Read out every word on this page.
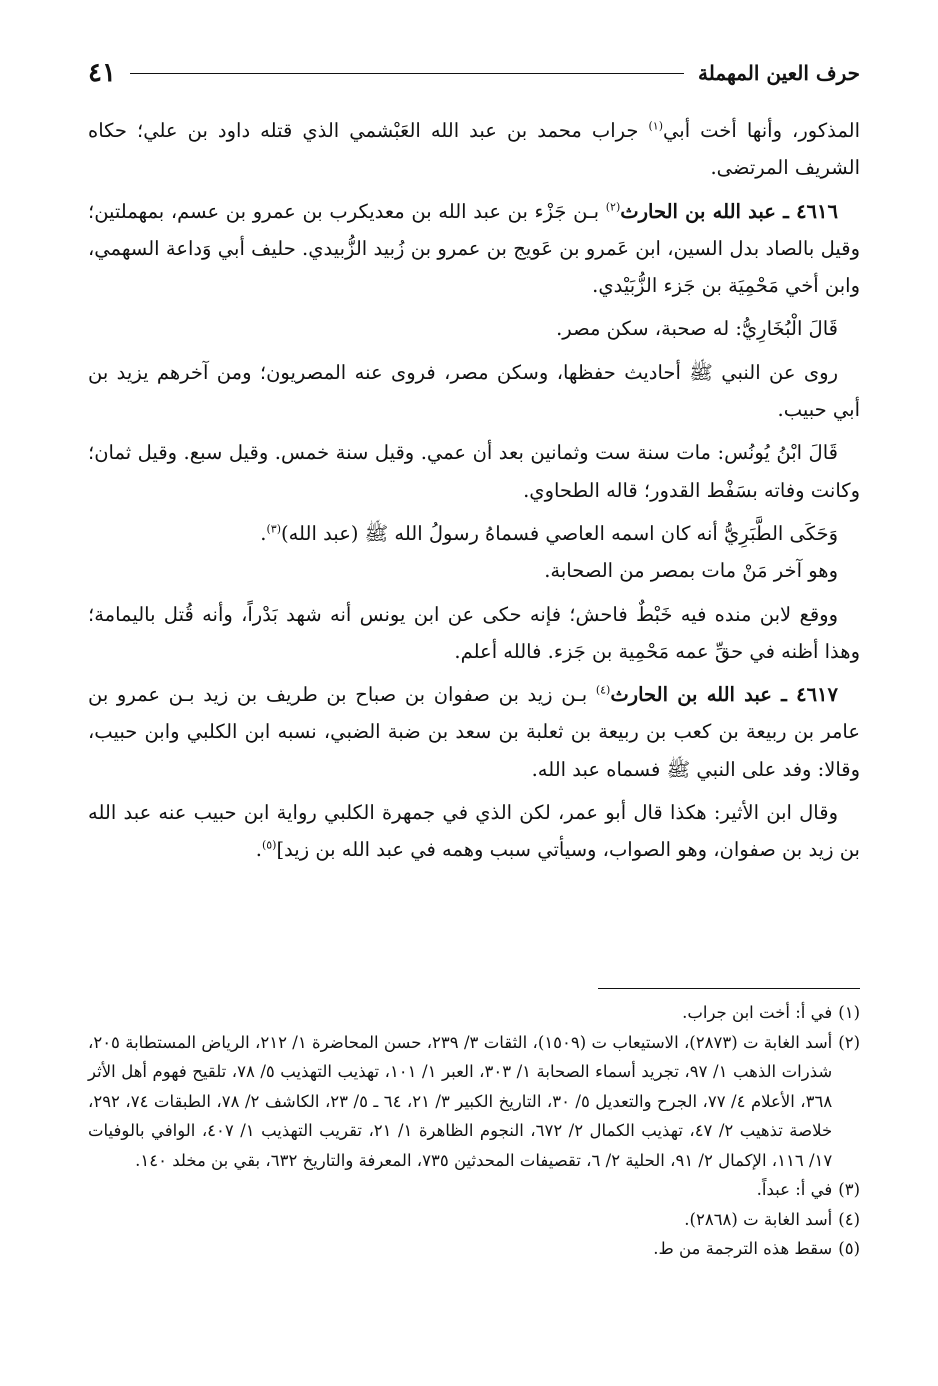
حرف العين المهملة
٤١

المذكور، وأنها أخت أبي$^{(١)}$ جراب محمد بن عبد الله العَبْشمي الذي قتله داود بن علي؛ حكاه الشريف المرتضى.

٤٦١٦ ـ عبد الله بن الحارث$^{(٢)}$ بـن جَزْء بن عبد الله بن معديكرب بن عمرو بن عسم، بمهملتين؛ وقيل بالصاد بدل السين، ابن عَمرو بن عَويج بن عمرو بن زُبيد الزُّبيدي. حليف أبي وَداعة السهمي، وابن أخي مَحْمِيَة بن جَزء الزُّبَيْدي.

قَالَ الْبُخَارِيُّ: له صحبة، سكن مصر.

روى عن النبي ﷺ أحاديث حفظها، وسكن مصر، فروى عنه المصريون؛ ومن آخرهم يزيد بن أبي حبيب.

قَالَ ابْنُ يُونُس: مات سنة ست وثمانين بعد أن عمي. وقيل سنة خمس. وقيل سبع. وقيل ثمان؛ وكانت وفاته بسَفْط القدور؛ قاله الطحاوي.

وَحَكَى الطَّبَرِيُّ أنه كان اسمه العاصي فسماهُ رسولُ الله ﷺ (عبد الله)$^{(٣)}$.

وهو آخر مَنْ مات بمصر من الصحابة.

ووقع لابن منده فيه خَبْطٌ فاحش؛ فإنه حكى عن ابن يونس أنه شهد بَدْراً، وأنه قُتل باليمامة؛ وهذا أظنه في حقِّ عمه مَحْمِية بن جَزء. فالله أعلم.

٤٦١٧ ـ عبد الله بن الحارث$^{(٤)}$ بـن زيد بن صفوان بن صباح بن طريف بن زيد بـن عمرو بن عامر بن ربيعة بن كعب بن ربيعة بن ثعلبة بن سعد بن ضبة الضبي، نسبه ابن الكلبي وابن حبيب، وقالا: وفد على النبي ﷺ فسماه عبد الله.

وقال ابن الأثير: هكذا قال أبو عمر، لكن الذي في جمهرة الكلبي رواية ابن حبيب عنه عبد الله بن زيد بن صفوان، وهو الصواب، وسيأتي سبب وهمه في عبد الله بن زيد]$^{(٥)}$.

(١)
في أ: أخت ابن جراب.
(٢)
أسد الغابة ت (٢٨٧٣)، الاستيعاب ت (١٥٠٩)، الثقات ٣/ ٢٣٩، حسن المحاضرة ١/ ٢١٢، الرياض المستطابة ٢٠٥، شذرات الذهب ١/ ٩٧، تجريد أسماء الصحابة ١/ ٣٠٣، العبر ١/ ١٠١، تهذيب التهذيب ٥/ ٧٨، تلقيح فهوم أهل الأثر ٣٦٨، الأعلام ٤/ ٧٧، الجرح والتعديل ٥/ ٣٠، التاريخ الكبير ٣/ ٢١، ٦٤ ـ ٥/ ٢٣، الكاشف ٢/ ٧٨، الطبقات ٧٤، ٢٩٢، خلاصة تذهيب ٢/ ٤٧، تهذيب الكمال ٢/ ٦٧٢، النجوم الظاهرة ١/ ٢١، تقريب التهذيب ١/ ٤٠٧، الوافي بالوفيات ١٧/ ١١٦، الإكمال ٢/ ٩١، الحلية ٢/ ٦، تقصيفات المحدثين ٧٣٥، المعرفة والتاريخ ٦٣٢، بقي بن مخلد ١٤٠.
(٣)
في أ: عبداً.
(٤)
أسد الغابة ت (٢٨٦٨).
(٥)
سقط هذه الترجمة من ط.
